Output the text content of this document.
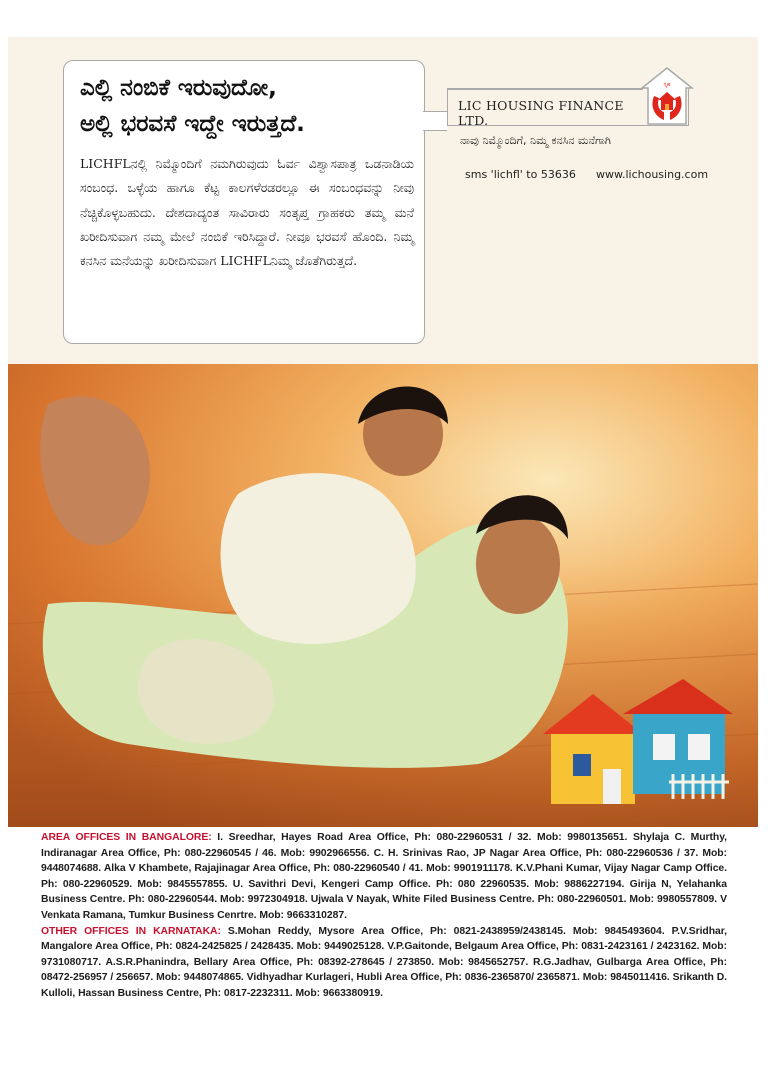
ಎಲ್ಲಿ ನಂಬಿಕೆ ಇರುವುದೋ,
ಅಲ್ಲಿ ಭರವಸೆ ಇದ್ದೇ ಇರುತ್ತದೆ.
LICHFLನಲ್ಲಿ ನಿಮ್ಮೊಂದಿಗೆ ನಮಗಿರುವುದು ಓರ್ವ ವಿಶ್ವಾಸಪಾತ್ರ ಒಡನಾಡಿಯ ಸಂಬಂಧ. ಒಳ್ಳೆಯ ಹಾಗೂ ಕೆಟ್ಟ ಕಾಲಗಳೆರಡರಲ್ಲೂ ಈ ಸಂಬಂಧವನ್ನು ನೀವು ನೆಚ್ಚಿಕೊಳ್ಳಬಹುದು. ದೇಶದಾದ್ಯಂತ ಸಾವಿರಾರು ಸಂತೃಪ್ತ ಗ್ರಾಹಕರು ತಮ್ಮ ಮನೆ ಖರೀದಿಸುವಾಗ ನಮ್ಮ ಮೇಲೆ ನಂಬಿಕೆ ಇರಿಸಿದ್ದಾರೆ. ನೀವೂ ಭರವಸೆ ಹೊಂದಿ. ನಿಮ್ಮ ಕನಸಿನ ಮನೆಯನ್ನು ಖರೀದಿಸುವಾಗ LICHFLನಿಮ್ಮ ಜೊತೆಗಿರುತ್ತದೆ.
LIC HOUSING FINANCE LTD.
ಗೃಹ
ನಾವು ನಿಮ್ಮೊಂದಿಗೆ, ನಿಮ್ಮ ಕನಸಿನ ಮನೆಗಾಗಿ
sms 'lichfl' to 53636 www.lichousing.com
AREA OFFICES IN BANGALORE: I. Sreedhar, Hayes Road Area Office, Ph: 080-22960531 / 32. Mob: 9980135651. Shylaja C. Murthy, Indiranagar Area Office, Ph: 080-22960545 / 46. Mob: 9902966556. C. H. Srinivas Rao, JP Nagar Area Office, Ph: 080-22960536 / 37. Mob: 9448074688. Alka V Khambete, Rajajinagar Area Office, Ph: 080-22960540 / 41. Mob: 9901911178. K.V.Phani Kumar, Vijay Nagar Camp Office. Ph: 080-22960529. Mob: 9845557855. U. Savithri Devi, Kengeri Camp Office. Ph: 080 22960535. Mob: 9886227194. Girija N, Yelahanka Business Centre. Ph: 080-22960544. Mob: 9972304918. Ujwala V Nayak, White Filed Business Centre. Ph: 080-22960501. Mob: 9980557809. V Venkata Ramana, Tumkur Business Cenrtre. Mob: 9663310287.
OTHER OFFICES IN KARNATAKA: S.Mohan Reddy, Mysore Area Office, Ph: 0821-2438959/2438145. Mob: 9845493604. P.V.Sridhar, Mangalore Area Office, Ph: 0824-2425825 / 2428435. Mob: 9449025128. V.P.Gaitonde, Belgaum Area Office, Ph: 0831-2423161 / 2423162. Mob: 9731080717. A.S.R.Phanindra, Bellary Area Office, Ph: 08392-278645 / 273850. Mob: 9845652757. R.G.Jadhav, Gulbarga Area Office, Ph: 08472-256957 / 256657. Mob: 9448074865. Vidhyadhar Kurlageri, Hubli Area Office, Ph: 0836-2365870/ 2365871. Mob: 9845011416. Srikanth D. Kulloli, Hassan Business Centre, Ph: 0817-2232311. Mob: 9663380919.
